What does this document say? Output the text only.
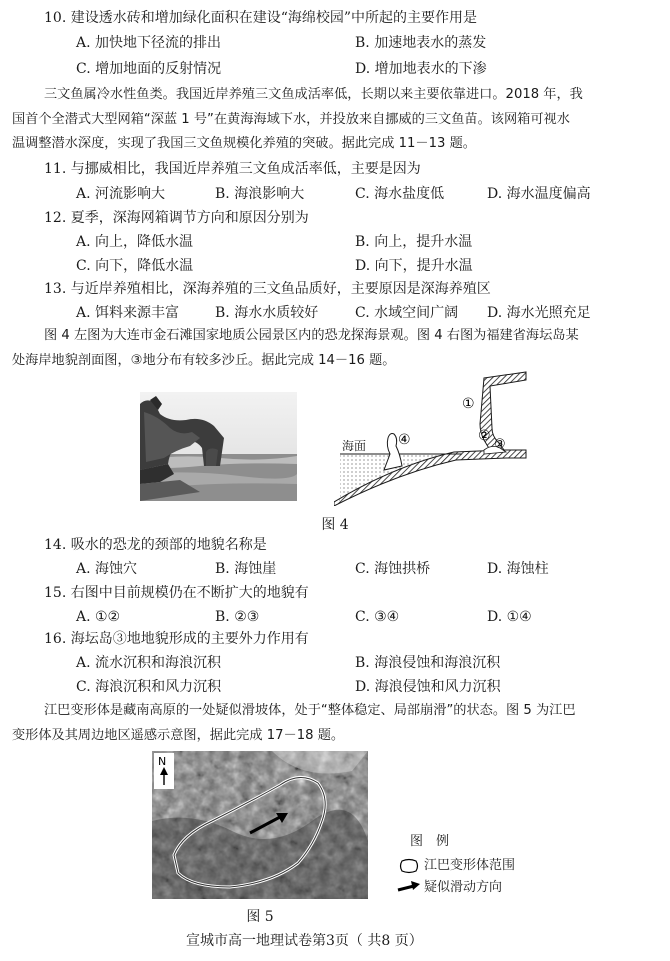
10. 建设透水砖和增加绿化面积在建设“海绵校园”中所起的主要作用是
A. 加快地下径流的排出	B. 加速地表水的蒸发
C. 增加地面的反射情况	D. 增加地表水的下渗
三文鱼属冷水性鱼类。我国近岸养殖三文鱼成活率低，长期以来主要依靠进口。2018 年，我
国首个全潜式大型网箱“深蓝 1 号”在黄海海域下水，并投放来自挪威的三文鱼苗。该网箱可视水
温调整潜水深度，实现了我国三文鱼规模化养殖的突破。据此完成 11－13 题。
11. 与挪威相比，我国近岸养殖三文鱼成活率低，主要是因为
A. 河流影响大	B. 海浪影响大	C. 海水盐度低	D. 海水温度偏高
12. 夏季，深海网箱调节方向和原因分别为
A. 向上，降低水温	B. 向上，提升水温
C. 向下，降低水温	D. 向下，提升水温
13. 与近岸养殖相比，深海养殖的三文鱼品质好，主要原因是深海养殖区
A. 饵料来源丰富	B. 海水水质较好	C. 水域空间广阔 D. 海水光照充足
图 4 左图为大连市金石滩国家地质公园景区内的恐龙探海景观。图 4 右图为福建省海坛岛某
处海岸地貌剖面图，③地分布有较多沙丘。据此完成 14－16 题。
海面
①
②
③
④
图 4
14. 吸水的恐龙的颈部的地貌名称是
A. 海蚀穴	B. 海蚀崖	C. 海蚀拱桥	D. 海蚀柱
15. 右图中目前规模仍在不断扩大的地貌有
A. ①②	B. ②③	C. ③④	D. ①④
16. 海坛岛③地地貌形成的主要外力作用有
A. 流水沉积和海浪沉积	B. 海浪侵蚀和海浪沉积
C. 海浪沉积和风力沉积	D. 海浪侵蚀和风力沉积
江巴变形体是藏南高原的一处疑似滑坡体，处于“整体稳定、局部崩滑”的状态。图 5 为江巴
变形体及其周边地区遥感示意图，据此完成 17－18 题。
N
图　例
江巴变形体范围
疑似滑动方向
图 5
宣城市高一地理试卷第3页（ 共8 页）
